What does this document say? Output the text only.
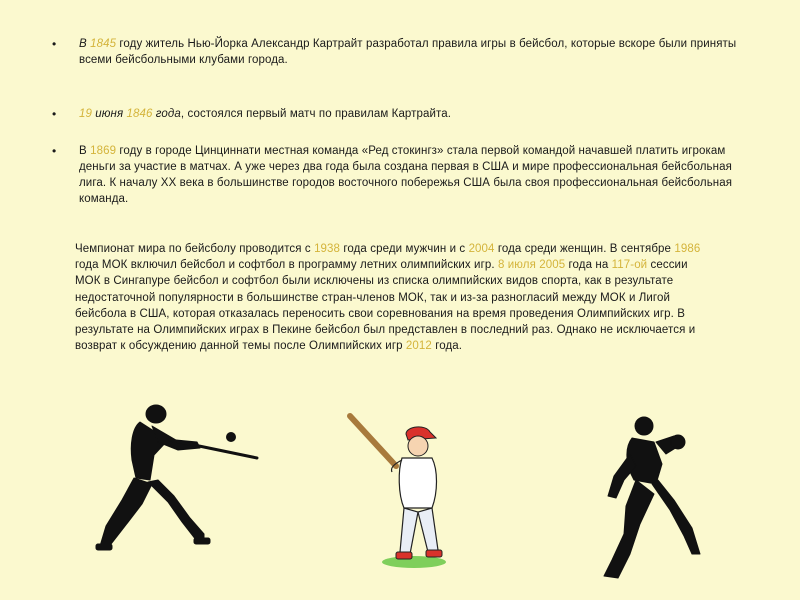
• В 1845 году житель Нью-Йорка Александр Картрайт разработал правила игры в бейсбол, которые вскоре были приняты всеми бейсбольными клубами города.
• 19 июня 1846 года, состоялся первый матч по правилам Картрайта.
• В 1869 году в городе Цинциннати местная команда «Ред стокингз» стала первой командой начавшей платить игрокам деньги за участие в матчах. А уже через два года была создана первая в США и мире профессиональная бейсбольная лига. К началу XX века в большинстве городов восточного побережья США была своя профессиональная бейсбольная команда.

Чемпионат мира по бейсболу проводится с 1938 года среди мужчин и с 2004 года среди женщин. В сентябре 1986 года МОК включил бейсбол и софтбол в программу летних олимпийских игр. 8 июля 2005 года на 117-ой сессии МОК в Сингапуре бейсбол и софтбол были исключены из списка олимпийских видов спорта, как в результате недостаточной популярности в большинстве стран-членов МОК, так и из-за разногласий между МОК и Лигой бейсбола в США, которая отказалась переносить свои соревнования на время проведения Олимпийских игр. В результате на Олимпийских играх в Пекине бейсбол был представлен в последний раз. Однако не исключается и возврат к обсуждению данной темы после Олимпийских игр 2012 года.
